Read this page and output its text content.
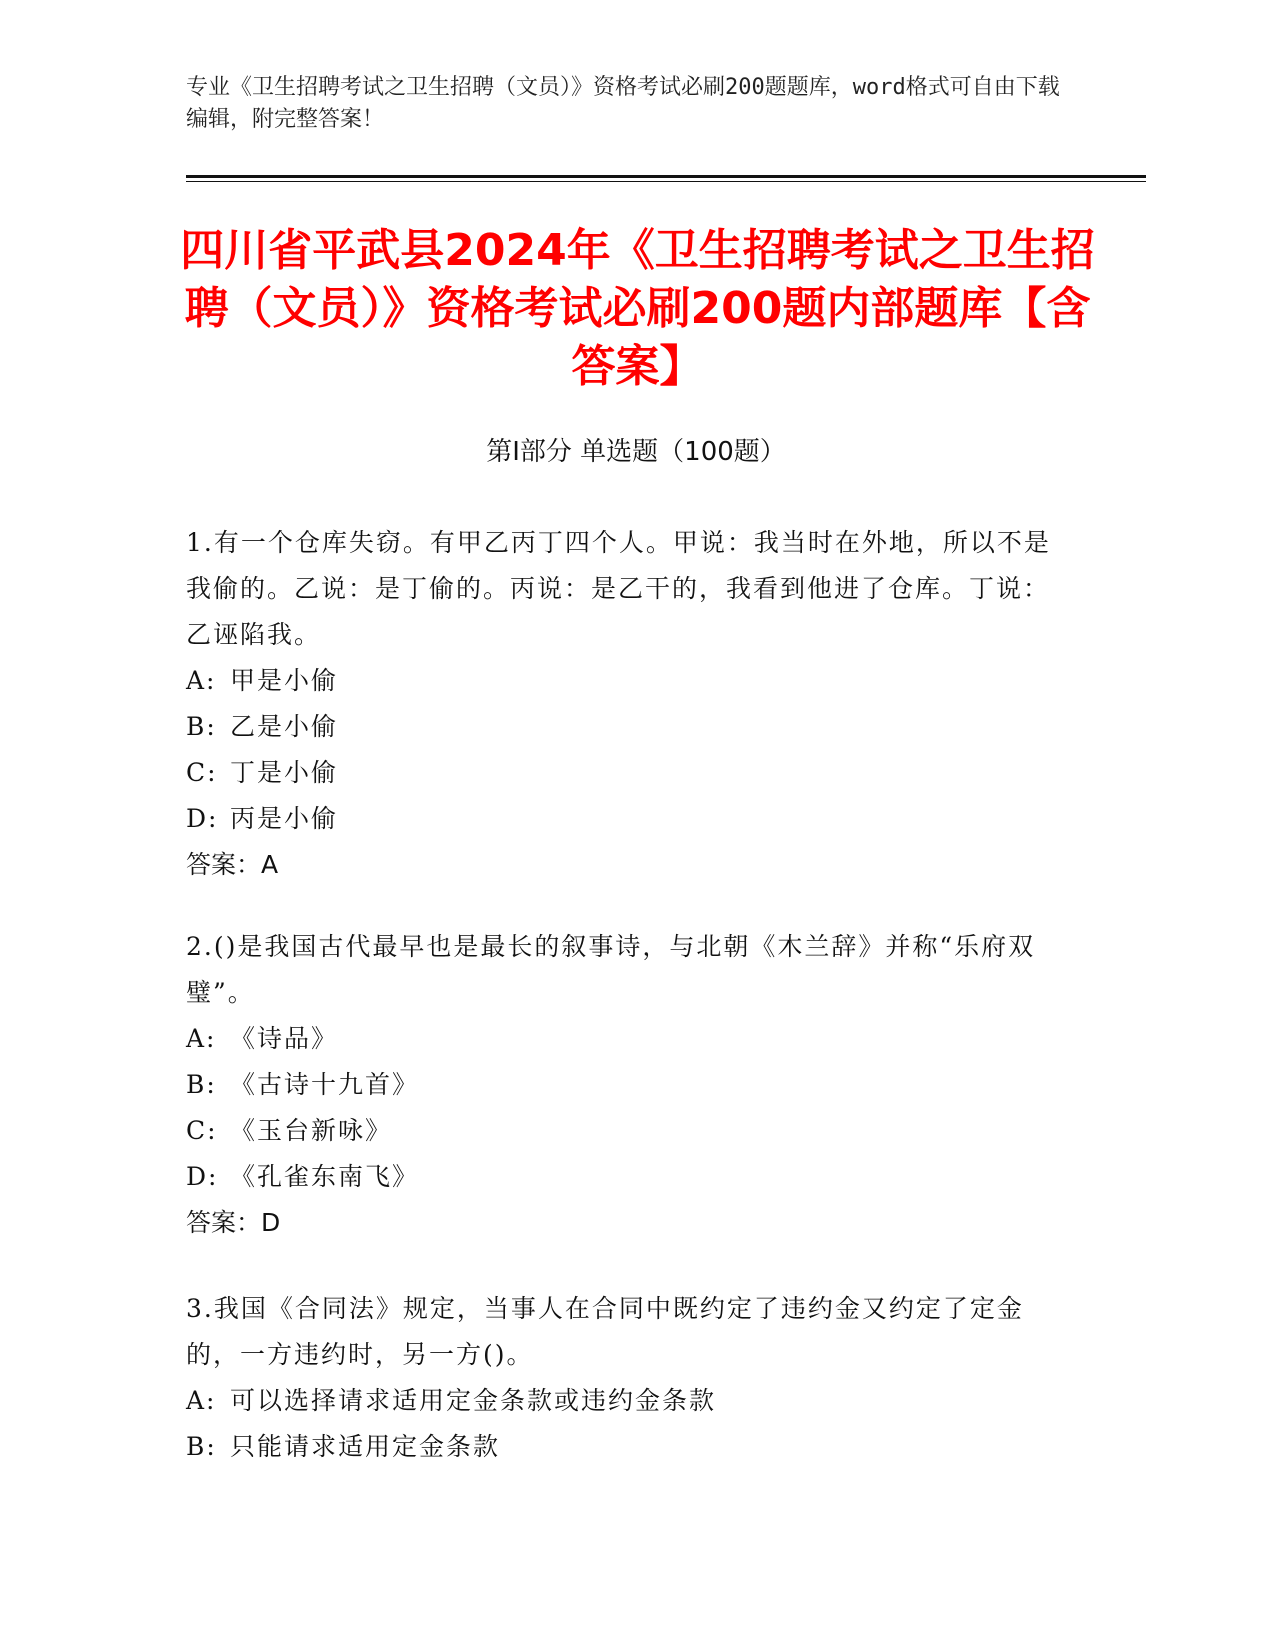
专业《卫生招聘考试之卫生招聘（文员）》资格考试必刷200题题库，word格式可自由下载编辑，附完整答案！
四川省平武县2024年《卫生招聘考试之卫生招聘（文员）》资格考试必刷200题内部题库【含答案】
第Ⅰ部分 单选题（100题）

1.有一个仓库失窃。有甲乙丙丁四个人。甲说：我当时在外地，所以不是我偷的。乙说：是丁偷的。丙说：是乙干的，我看到他进了仓库。丁说：乙诬陷我。

A: 甲是小偷

B: 乙是小偷

C: 丁是小偷

D: 丙是小偷

答案：A

2.()是我国古代最早也是最长的叙事诗，与北朝《木兰辞》并称“乐府双璧”。

A: 《诗品》

B: 《古诗十九首》

C: 《玉台新咏》

D: 《孔雀东南飞》

答案：D

3.我国《合同法》规定，当事人在合同中既约定了违约金又约定了定金的，一方违约时，另一方()。

A: 可以选择请求适用定金条款或违约金条款

B: 只能请求适用定金条款
